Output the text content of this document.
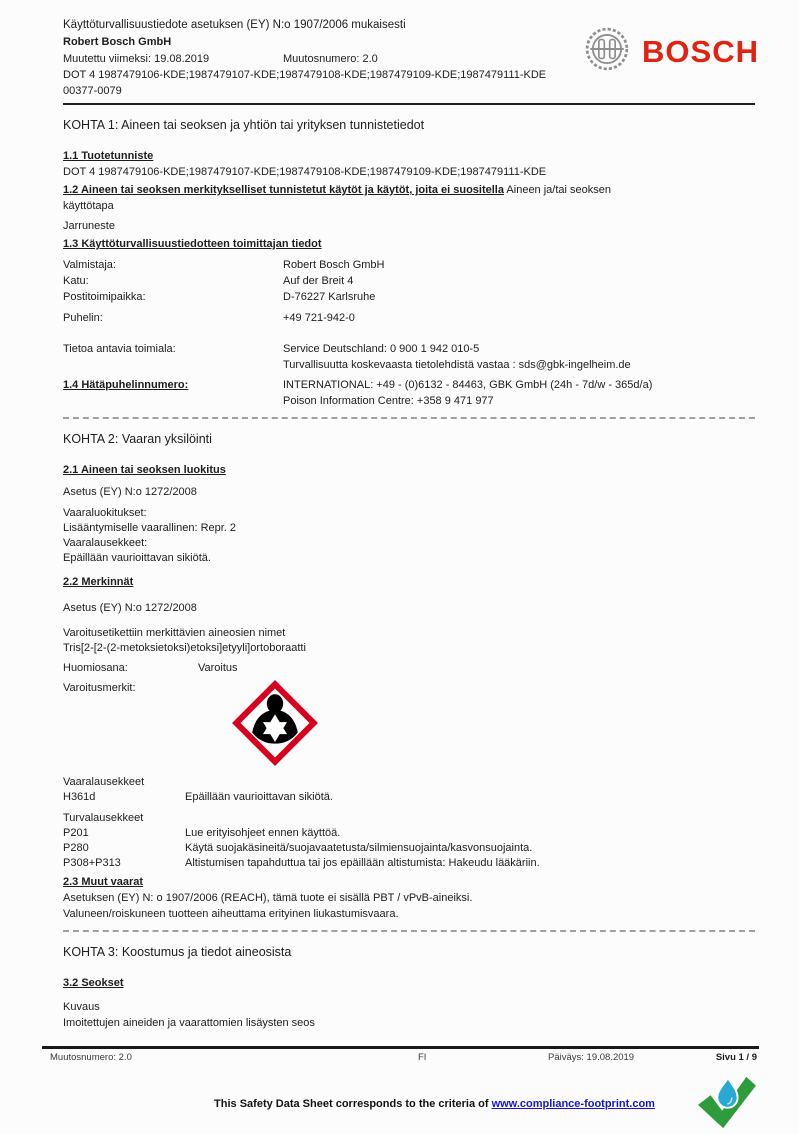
Käyttöturvallisuustiedote asetuksen (EY) N:o 1907/2006 mukaisesti
Robert Bosch GmbH
Muutettu viimeksi: 19.08.2019	Muutosnumero: 2.0
DOT 4 1987479106-KDE;1987479107-KDE;1987479108-KDE;1987479109-KDE;1987479111-KDE
00377-0079
BOSCH
KOHTA 1: Aineen tai seoksen ja yhtiön tai yrityksen tunnistetiedot
1.1 Tuotetunniste
DOT 4 1987479106-KDE;1987479107-KDE;1987479108-KDE;1987479109-KDE;1987479111-KDE
1.2 Aineen tai seoksen merkitykselliset tunnistetut käytöt ja käytöt, joita ei suositella Aineen ja/tai seoksen
käyttötapa
Jarruneste
1.3 Käyttöturvallisuustiedotteen toimittajan tiedot
Valmistaja:	Robert Bosch GmbH
Katu:	Auf der Breit 4
Postitoimipaikka:	D-76227 Karlsruhe
Puhelin:	+49 721-942-0
Tietoa antavia toimiala:	Service Deutschland: 0 900 1 942 010-5
Turvallisuutta koskevaasta tietolehdistä vastaa : sds@gbk-ingelheim.de
1.4 Hätäpuhelinnumero:	INTERNATIONAL: +49 - (0)6132 - 84463, GBK GmbH (24h - 7d/w - 365d/a)
Poison Information Centre: +358 9 471 977
KOHTA 2: Vaaran yksilöinti
2.1 Aineen tai seoksen luokitus
Asetus (EY) N:o 1272/2008
Vaaraluokitukset:
Lisääntymiselle vaarallinen: Repr. 2
Vaaralausekkeet:
Epäillään vaurioittavan sikiötä.
2.2 Merkinnät
Asetus (EY) N:o 1272/2008
Varoitusetikettiin merkittävien aineosien nimet
Tris[2-[2-(2-metoksietoksi)etoksi]etyyli]ortoboraatti
Huomiosana:	Varoitus
Varoitusmerkit:
Vaaralausekkeet
H361d	Epäillään vaurioittavan sikiötä.
Turvalausekkeet
P201	Lue erityisohjeet ennen käyttöä.
P280	Käytä suojakäsineitä/suojavaatetusta/silmiensuojainta/kasvonsuojainta.
P308+P313	Altistumisen tapahduttua tai jos epäillään altistumista: Hakeudu lääkäriin.
2.3 Muut vaarat
Asetuksen (EY) N: o 1907/2006 (REACH), tämä tuote ei sisällä PBT / vPvB-aineiksi.
Valuneen/roiskuneen tuotteen aiheuttama erityinen liukastumisvaara.
KOHTA 3: Koostumus ja tiedot aineosista
3.2 Seokset
Kuvaus
Imoitettujen aineiden ja vaarattomien lisäysten seos
Muutosnumero: 2.0	FI	Päiväys: 19.08.2019	Sivu 1 / 9
This Safety Data Sheet corresponds to the criteria of www.compliance-footprint.com
